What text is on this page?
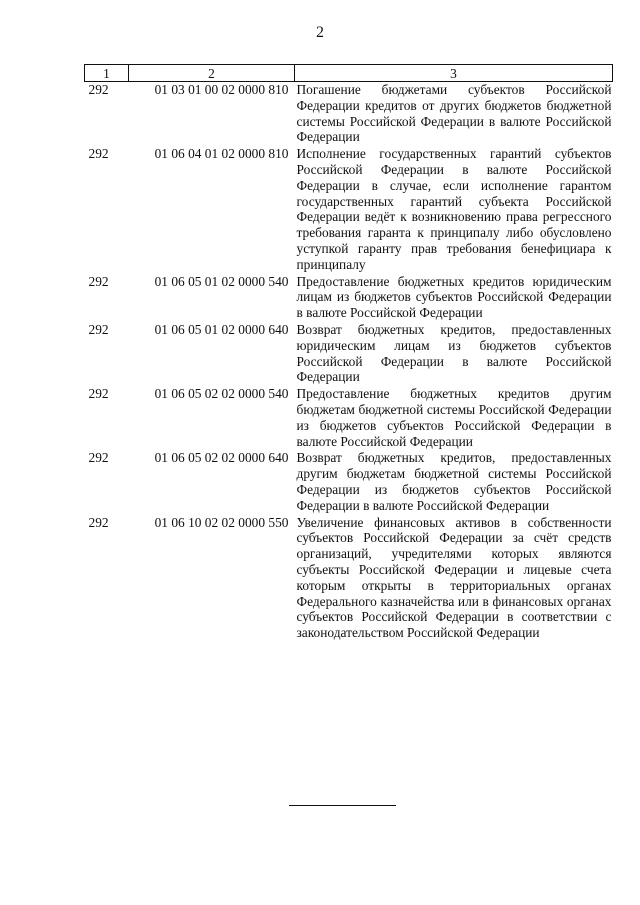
2
1	2	3
292	01 03 01 00 02 0000 810	Погашение бюджетами субъектов Российской Федерации кредитов от других бюджетов бюджетной системы Российской Федерации в валюте Российской Федерации
292	01 06 04 01 02 0000 810	Исполнение государственных гарантий субъектов Российской Федерации в валюте Российской Федерации в случае, если исполнение гарантом государственных гарантий субъекта Российской Федерации ведёт к возникновению права регрессного требования гаранта к принципалу либо обусловлено уступкой гаранту прав требования бенефициара к принципалу
292	01 06 05 01 02 0000 540	Предоставление бюджетных кредитов юридическим лицам из бюджетов субъектов Российской Федерации в валюте Российской Федерации
292	01 06 05 01 02 0000 640	Возврат бюджетных кредитов, предоставленных юридическим лицам из бюджетов субъектов Российской Федерации в валюте Российской Федерации
292	01 06 05 02 02 0000 540	Предоставление бюджетных кредитов другим бюджетам бюджетной системы Российской Федерации из бюджетов субъектов Российской Федерации в валюте Российской Федерации
292	01 06 05 02 02 0000 640	Возврат бюджетных кредитов, предоставленных другим бюджетам бюджетной системы Российской Федерации из бюджетов субъектов Российской Федерации в валюте Российской Федерации
292	01 06 10 02 02 0000 550	Увеличение финансовых активов в собственности субъектов Российской Федерации за счёт средств организаций, учредителями которых являются субъекты Российской Федерации и лицевые счета которым открыты в территориальных органах Федерального казначейства или в финансовых органах субъектов Российской Федерации в соответствии с законодательством Российской Федерации
